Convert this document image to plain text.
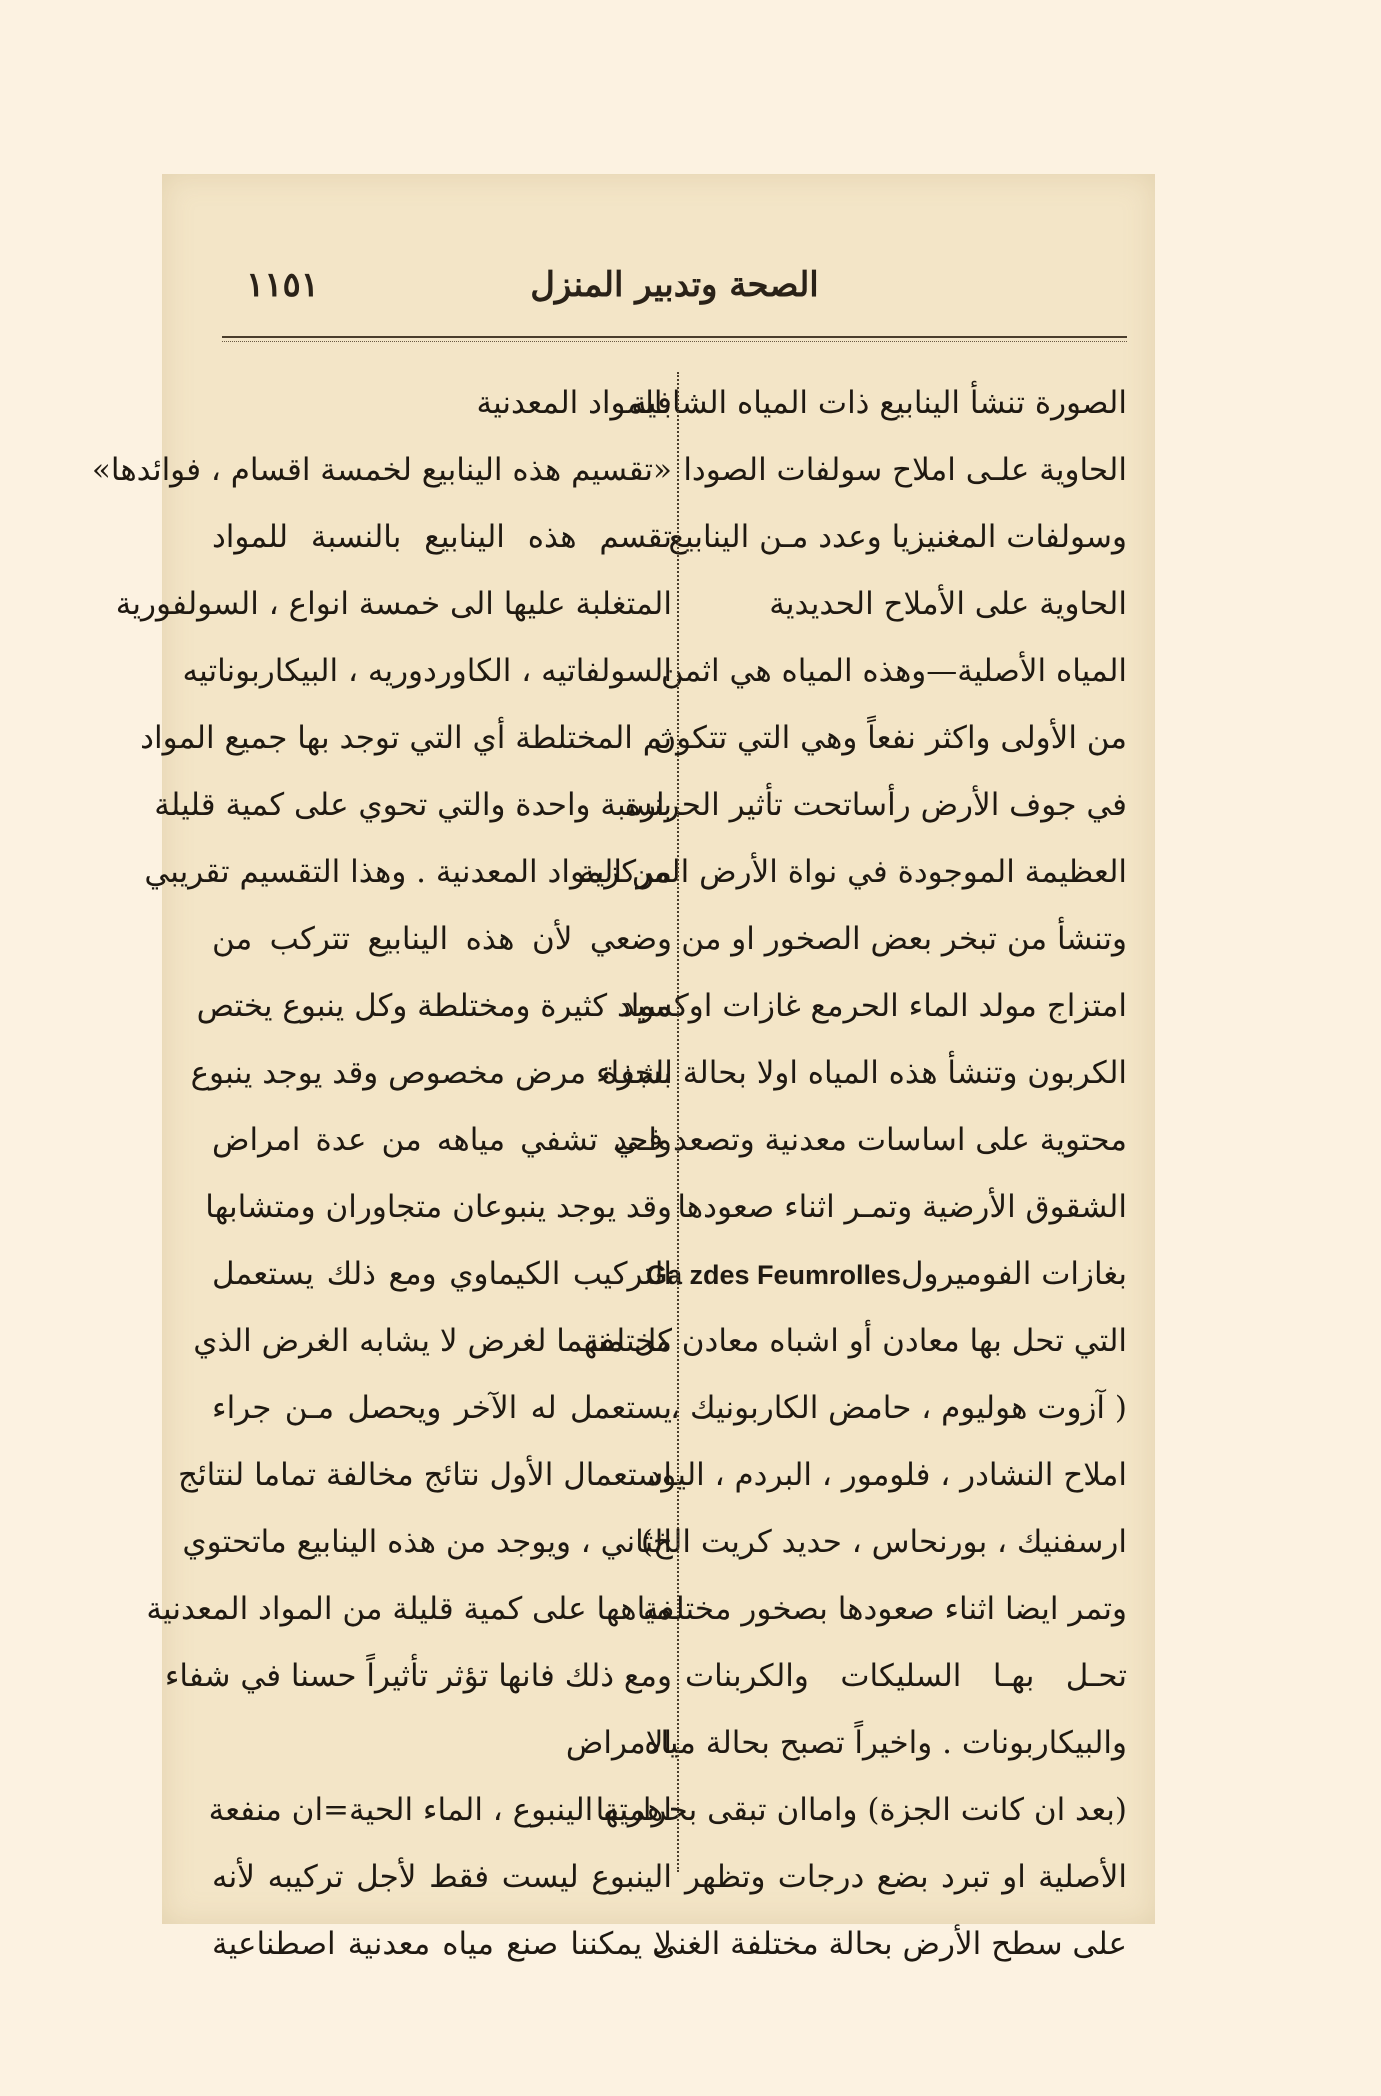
١١٥١	الصحة وتدبير المنزل
الصورة تنشأ الينابيع ذات المياه الشافية
الحاوية علـى املاح سولفات الصودا
وسولفات المغنيزيا وعدد مـن الينابيع
الحاوية على الأملاح الحديدية
المياه الأصلية—وهذه المياه هي اثمن
من الأولى واكثر نفعاً وهي التي تتكون
في جوف الأرض رأساتحت تأثير الحرارة
العظيمة الموجودة في نواة الأرض المركزية
وتنشأ من تبخر بعض الصخور او من
امتزاج مولد الماء الحرمع غازات اوكسيد
الكربون وتنشأ هذه المياه اولا بحالة الجزة
محتوية على اساسات معدنية وتصعد فـي
الشقوق الأرضية وتمـر اثناء صعودها
بغازات الفوميرولGa zdes Feumrolles
التي تحل بها معادن أو اشباه معادن مختلفة
( آزوت هوليوم ، حامض الكاربونيك ،
املاح النشادر ، فلومور ، البردم ، اليود
ارسفنيك ، بورنحاس ، حديد كريت الخ)
وتمر ايضا اثناء صعودها بصخور مختلفة
تحـل بهـا السليكات والكربنات
والبيكاربونات . واخيراً تصبح بحالة مياه
(بعد ان كانت الجزة) واماان تبقى بحرارتها
الأصلية او تبرد بضع درجات وتظهر
على سطح الأرض بحالة مختلفة الغنى
بالمواد المعدنية
«تقسيم هذه الينابيع لخمسة اقسام ، فوائدها»
تقسم هذه الينابيع بالنسبة للمواد
المتغلبة عليها الى خمسة انواع ، السولفورية
السولفاتيه ، الكاوردوريه ، البيكاربوناتيه
ثم المختلطة أي التي توجد بها جميع المواد
بنسبة واحدة والتي تحوي على كمية قليلة
من المواد المعدنية . وهذا التقسيم تقريبي
وضعي لأن هذه الينابيع تتركب من
مواد كثيرة ومختلطة وكل ينبوع يختص
بشفاء مرض مخصوص وقد يوجد ينبوع
واحد تشفي مياهه من عدة امراض
وقد يوجد ينبوعان متجاوران ومتشابها
التركيب الكيماوي ومع ذلك يستعمل
كل منهما لغرض لا يشابه الغرض الذي
يستعمل له الآخر ويحصل مـن جراء
استعمال الأول نتائج مخالفة تماما لنتائج
الثاني ، ويوجد من هذه الينابيع ماتحتوي
مياهها على كمية قليلة من المواد المعدنية
ومع ذلك فانها تؤثر تأثيراً حسنا في شفاء
الامراض
اهمية الينبوع ، الماء الحية=ان منفعة
الينبوع ليست فقط لأجل تركيبه لأنه
لا يمكننا صنع مياه معدنية اصطناعية
